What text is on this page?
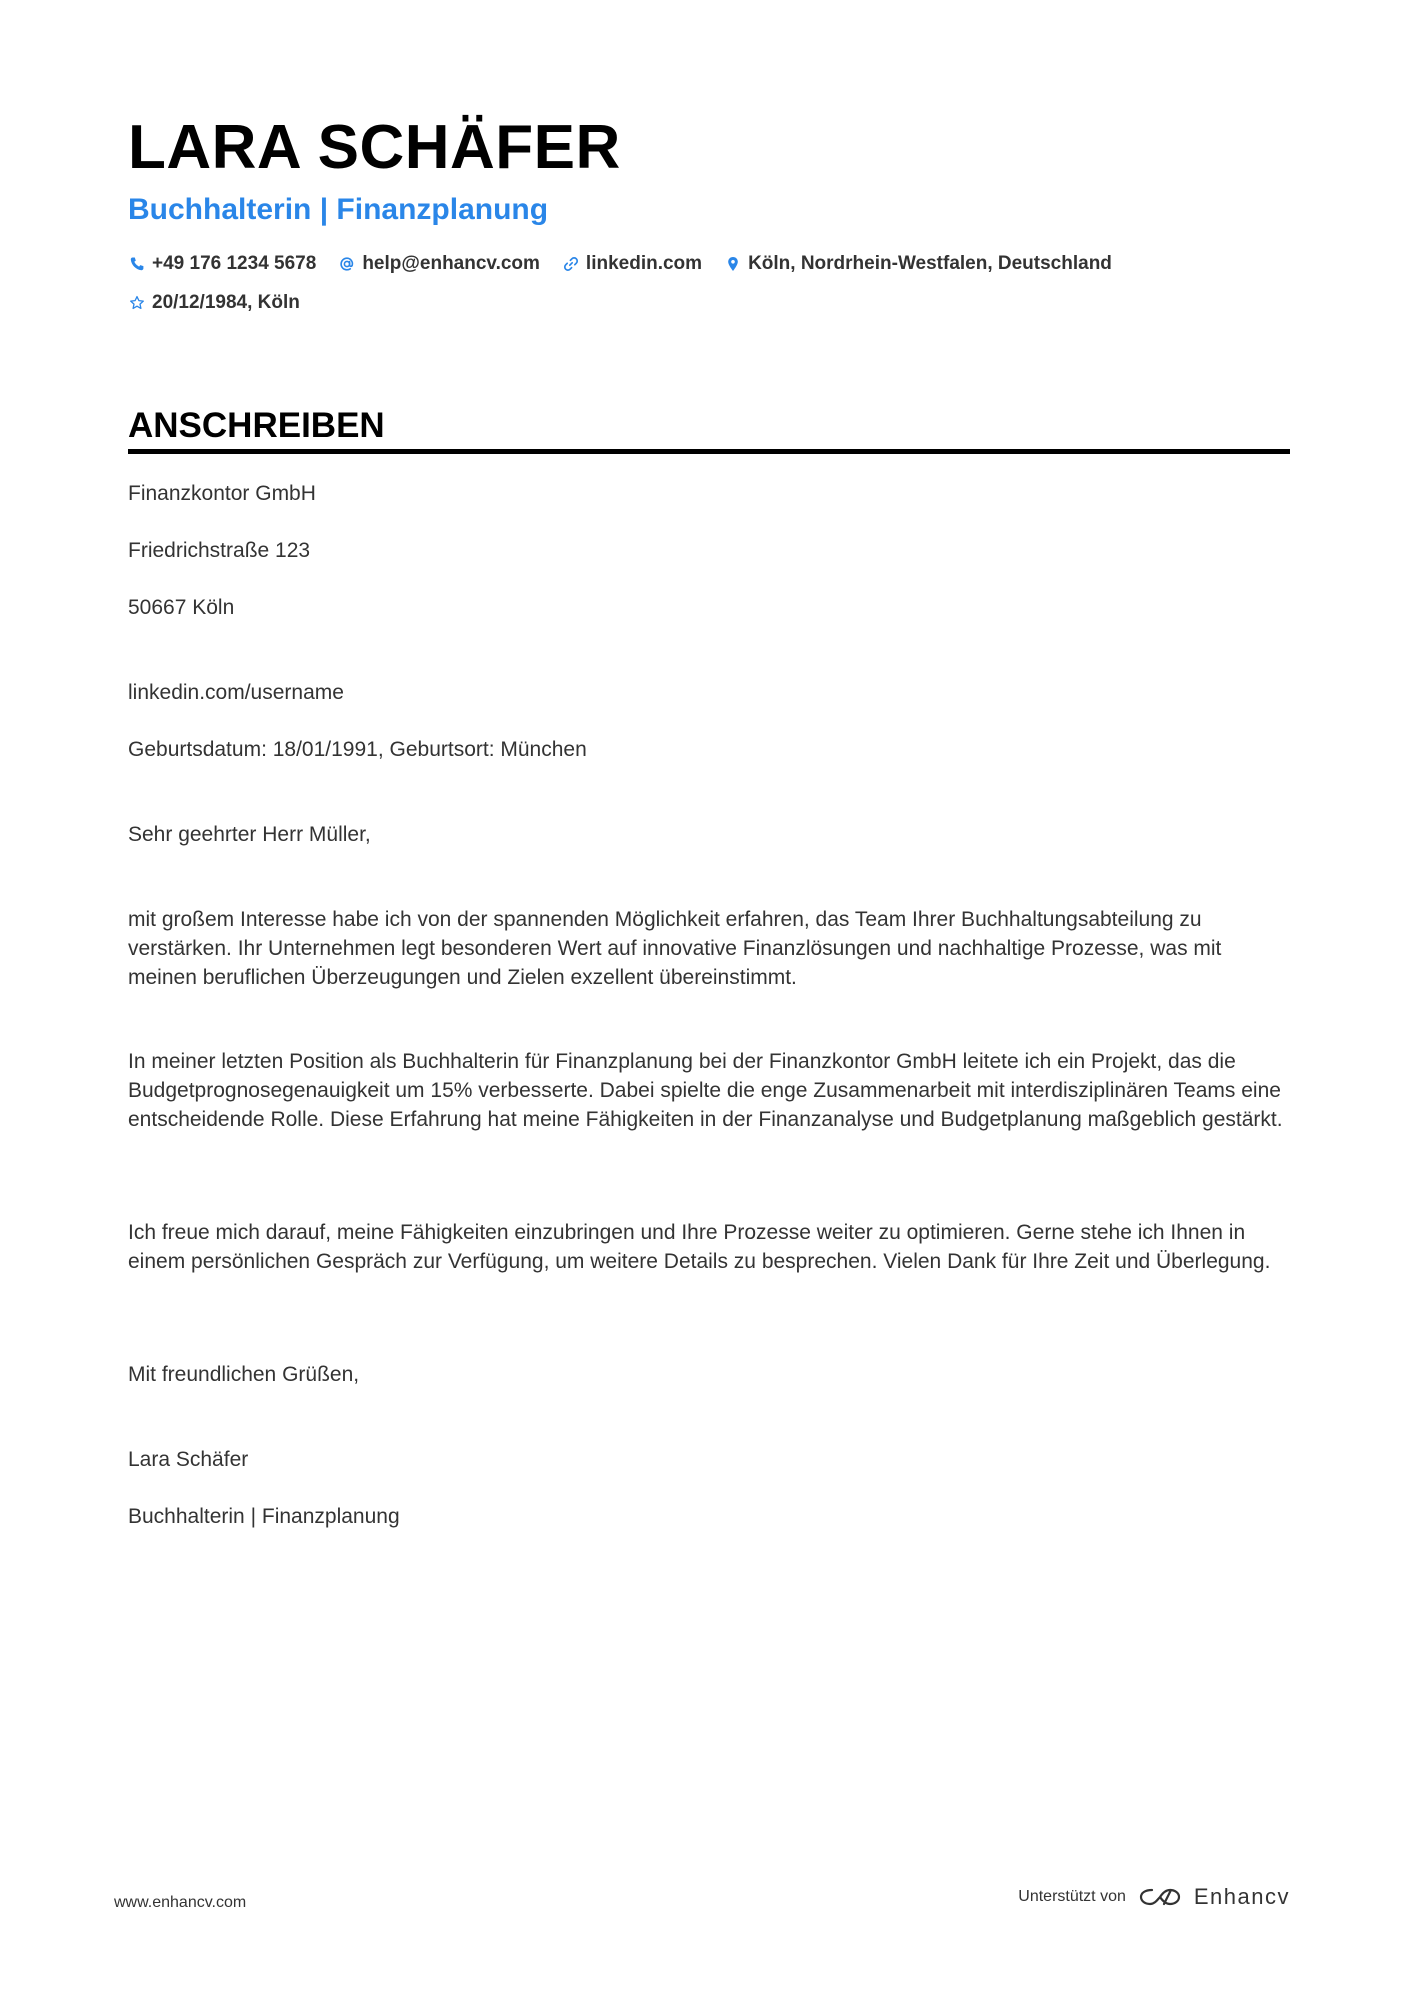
LARA SCHÄFER
Buchhalterin | Finanzplanung
+49 176 1234 5678 help@enhancv.com linkedin.com Köln, Nordrhein-Westfalen, Deutschland
20/12/1984, Köln
ANSCHREIBEN

Finanzkontor GmbH

Friedrichstraße 123

50667 Köln

linkedin.com/username

Geburtsdatum: 18/01/1991, Geburtsort: München

Sehr geehrter Herr Müller,

mit großem Interesse habe ich von der spannenden Möglichkeit erfahren, das Team Ihrer Buchhaltungsabteilung zu verstärken. Ihr Unternehmen legt besonderen Wert auf innovative Finanzlösungen und nachhaltige Prozesse, was mit meinen beruflichen Überzeugungen und Zielen exzellent übereinstimmt.

In meiner letzten Position als Buchhalterin für Finanzplanung bei der Finanzkontor GmbH leitete ich ein Projekt, das die Budgetprognosegenauigkeit um 15% verbesserte. Dabei spielte die enge Zusammenarbeit mit interdisziplinären Teams eine entscheidende Rolle. Diese Erfahrung hat meine Fähigkeiten in der Finanzanalyse und Budgetplanung maßgeblich gestärkt.

Ich freue mich darauf, meine Fähigkeiten einzubringen und Ihre Prozesse weiter zu optimieren. Gerne stehe ich Ihnen in einem persönlichen Gespräch zur Verfügung, um weitere Details zu besprechen. Vielen Dank für Ihre Zeit und Überlegung.

Mit freundlichen Grüßen,

Lara Schäfer

Buchhalterin | Finanzplanung

www.enhancv.com	Unterstützt von	Enhancv
